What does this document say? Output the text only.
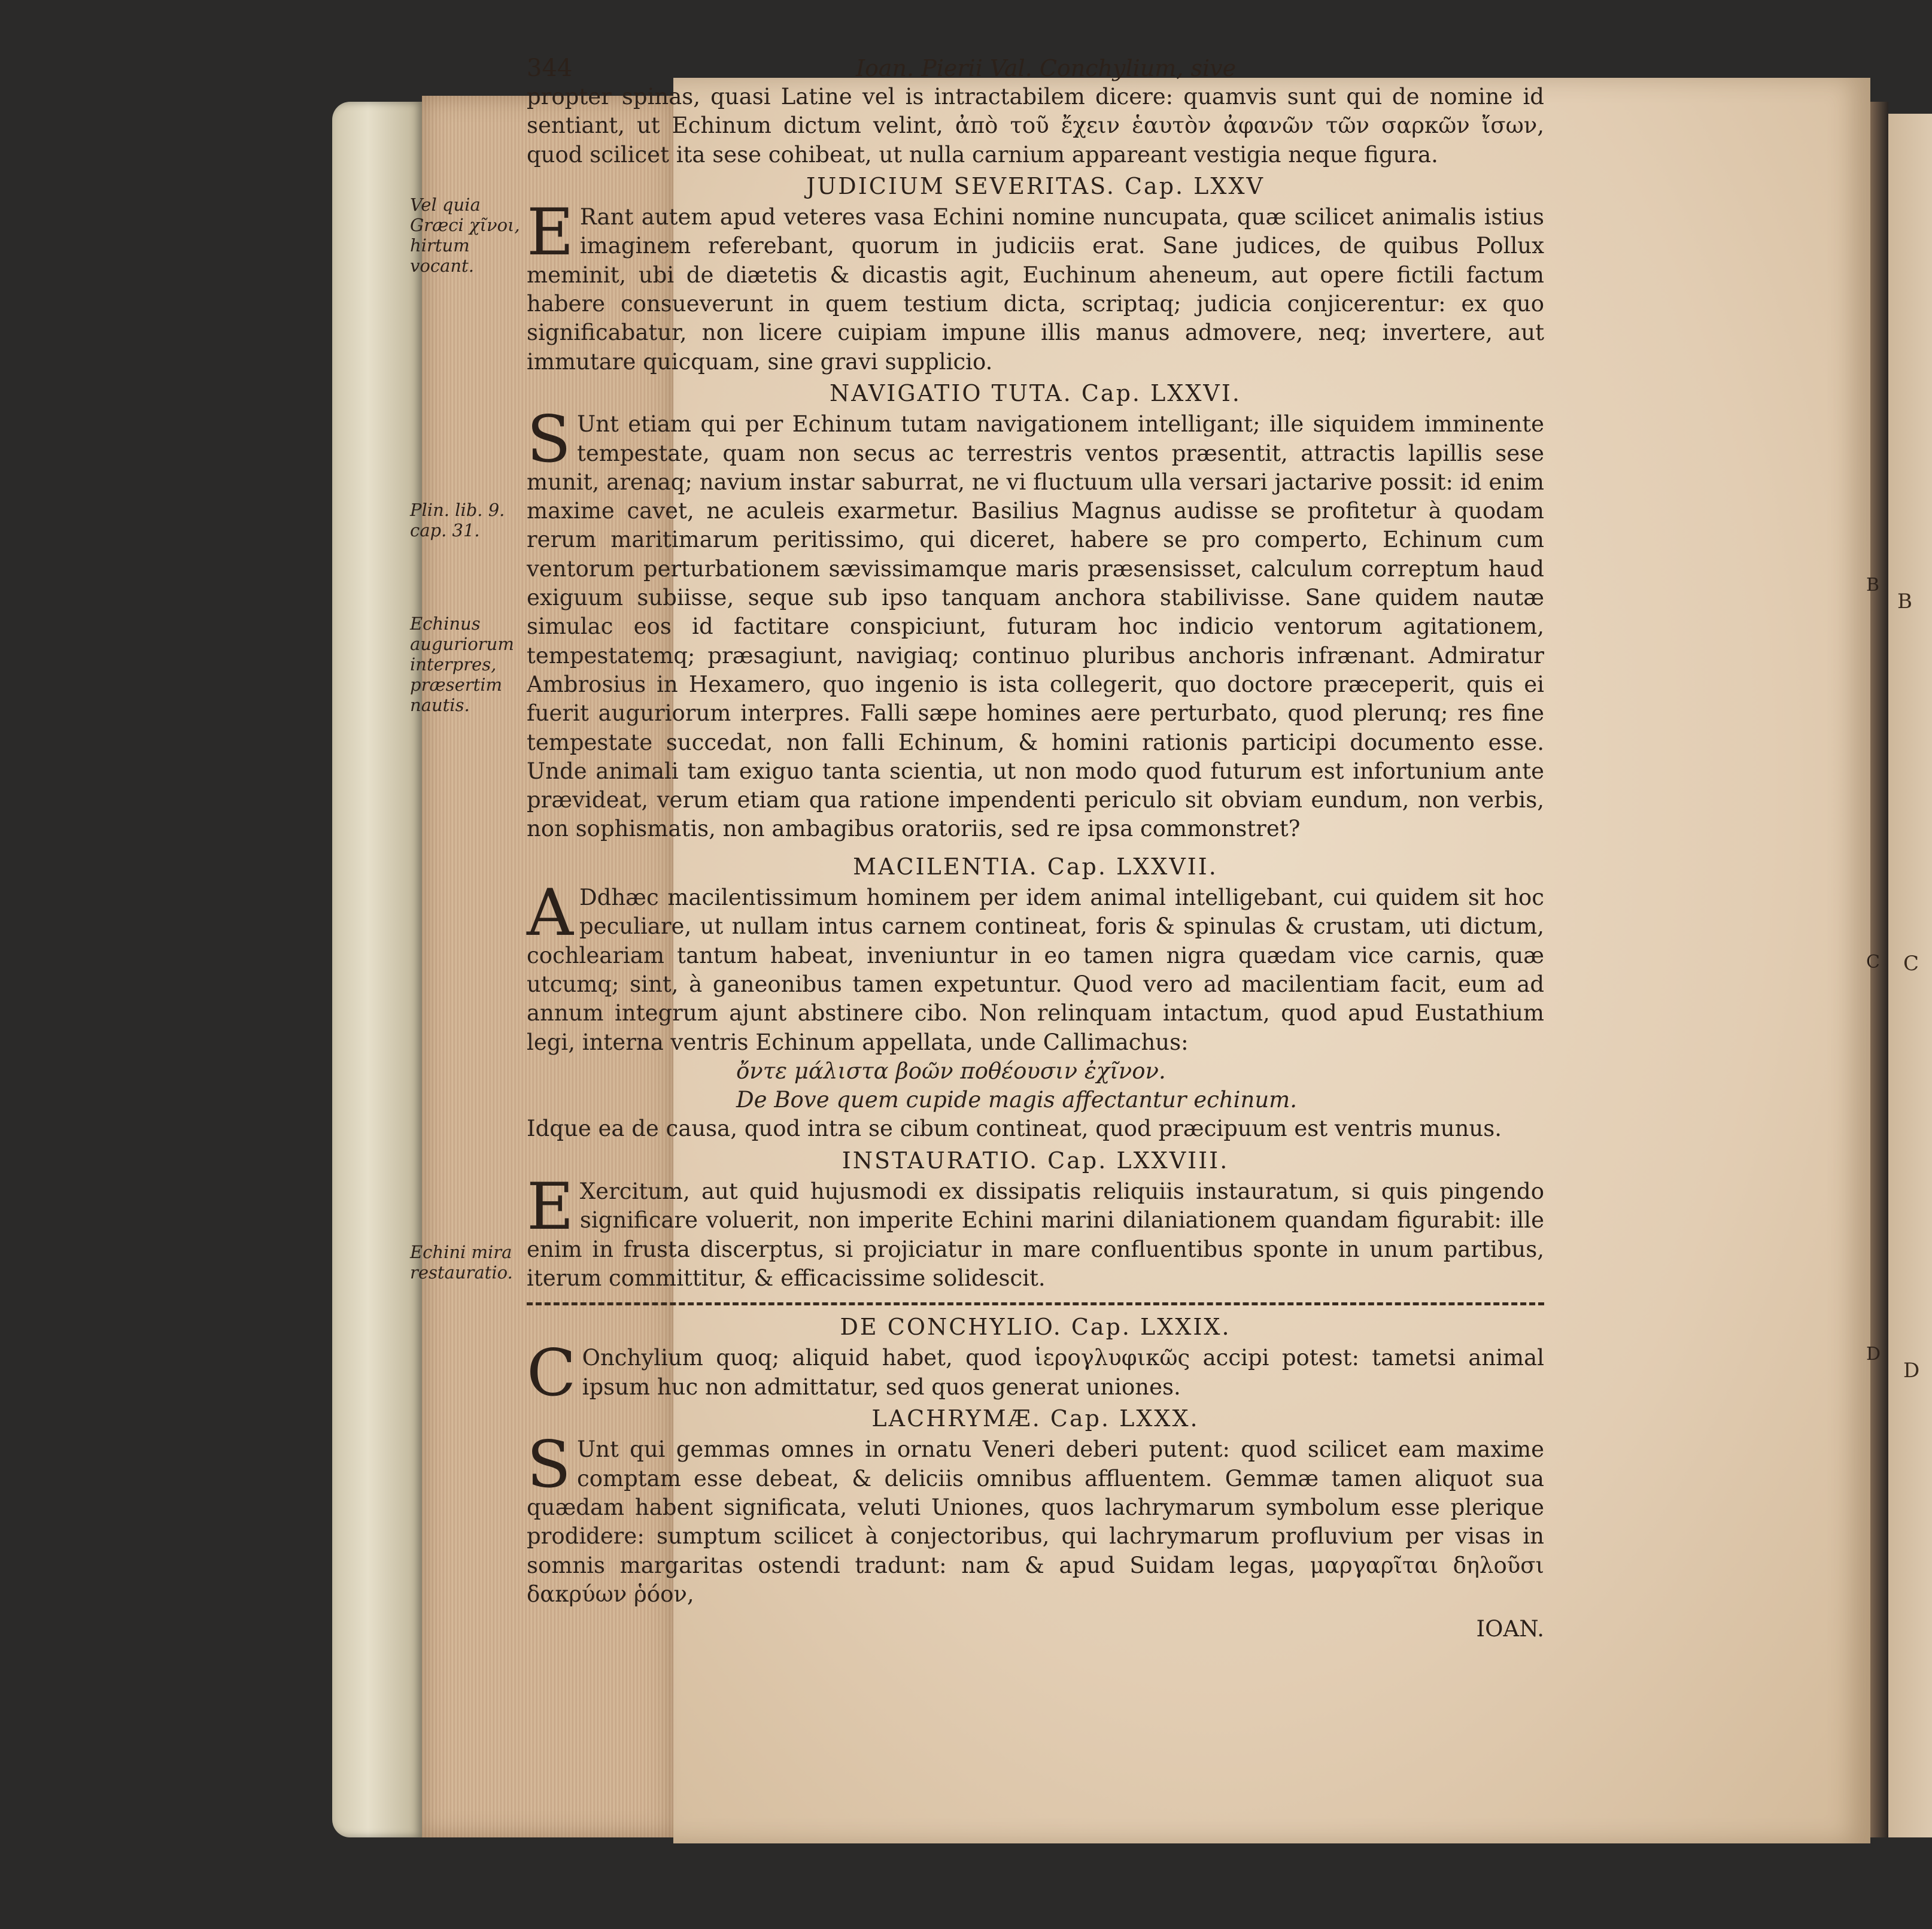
B
C
D
Vel quia Græci χῖνοι, hirtum vocant.
Plin. lib. 9. cap. 31.
Echinus auguriorum interpres, præsertim nautis.
Echini mira restauratio.
344	Ioan. Pierii Val. Conchylium, sive

propter spinas, quasi Latine vel is intractabilem dicere: quamvis sunt qui de nomine id sentiant, ut Echinum dictum velint, ἀπὸ τοῦ ἔχειν ἑαυτὸν ἀφανῶν τῶν σαρκῶν ἴσων, quod scilicet ita sese cohibeat, ut nulla carnium appareant vestigia neque figura.

JUDICIUM SEVERITAS. Cap. LXXV

E Rant autem apud veteres vasa Echini nomine nuncupata, quæ scilicet animalis istius imaginem referebant, quorum in judiciis erat. Sane judices, de quibus Pollux meminit, ubi de diætetis & dicastis agit, Euchinum aheneum, aut opere fictili factum habere consueverunt in quem testium dicta, scriptaq; judicia conjicerentur: ex quo significabatur, non licere cuipiam impune illis manus admovere, neq; invertere, aut immutare quicquam, sine gravi supplicio.

NAVIGATIO TUTA. Cap. LXXVI.

S Unt etiam qui per Echinum tutam navigationem intelligant; ille siquidem imminente tempestate, quam non secus ac terrestris ventos præsentit, attractis lapillis sese munit, arenaq; navium instar saburrat, ne vi fluctuum ulla versari jactarive possit: id enim maxime cavet, ne aculeis exarmetur. Basilius Magnus audisse se profitetur à quodam rerum maritimarum peritissimo, qui diceret, habere se pro comperto, Echinum cum ventorum perturbationem sævissimamque maris præsensisset, calculum correptum haud exiguum subiisse, seque sub ipso tanquam anchora stabilivisse. Sane quidem nautæ simulac eos id factitare conspiciunt, futuram hoc indicio ventorum agitationem, tempestatemq; præsagiunt, navigiaq; continuo pluribus anchoris infrænant. Admiratur Ambrosius in Hexamero, quo ingenio is ista collegerit, quo doctore præceperit, quis ei fuerit auguriorum interpres. Falli sæpe homines aere perturbato, quod plerunq; res fine tempestate succedat, non falli Echinum, & homini rationis participi documento esse. Unde animali tam exiguo tanta scientia, ut non modo quod futurum est infortunium ante prævideat, verum etiam qua ratione impendenti periculo sit obviam eundum, non verbis, non sophismatis, non ambagibus oratoriis, sed re ipsa commonstret?

MACILENTIA. Cap. LXXVII.

A Ddhæc macilentissimum hominem per idem animal intelligebant, cui quidem sit hoc peculiare, ut nullam intus carnem contineat, foris & spinulas & crustam, uti dictum, cochleariam tantum habeat, inveniuntur in eo tamen nigra quædam vice carnis, quæ utcumq; sint, à ganeonibus tamen expetuntur. Quod vero ad macilentiam facit, eum ad annum integrum ajunt abstinere cibo. Non relinquam intactum, quod apud Eustathium legi, interna ventris Echinum appellata, unde Callimachus:

ὄντε μάλιστα βοῶν ποθέουσιν ἐχῖνον.
De Bove quem cupide magis affectantur echinum.

Idque ea de causa, quod intra se cibum contineat, quod præcipuum est ventris munus.

INSTAURATIO. Cap. LXXVIII.

E Xercitum, aut quid hujusmodi ex dissipatis reliquiis instauratum, si quis pingendo significare voluerit, non imperite Echini marini dilaniationem quandam figurabit: ille enim in frusta discerptus, si projiciatur in mare confluentibus sponte in unum partibus, iterum committitur, & efficacissime solidescit.

DE CONCHYLIO. Cap. LXXIX.

C Onchylium quoq; aliquid habet, quod ἱερογλυφικῶς accipi potest: tametsi animal ipsum huc non admittatur, sed quos generat uniones.

LACHRYMÆ. Cap. LXXX.

S Unt qui gemmas omnes in ornatu Veneri deberi putent: quod scilicet eam maxime comptam esse debeat, & deliciis omnibus affluentem. Gemmæ tamen aliquot sua quædam habent significata, veluti Uniones, quos lachrymarum symbolum esse plerique prodidere: sumptum scilicet à conjectoribus, qui lachrymarum profluvium per visas in somnis margaritas ostendi tradunt: nam & apud Suidam legas, μαργαρῖται δηλοῦσι δακρύων ῥόον,

IOAN.
B
C
D
